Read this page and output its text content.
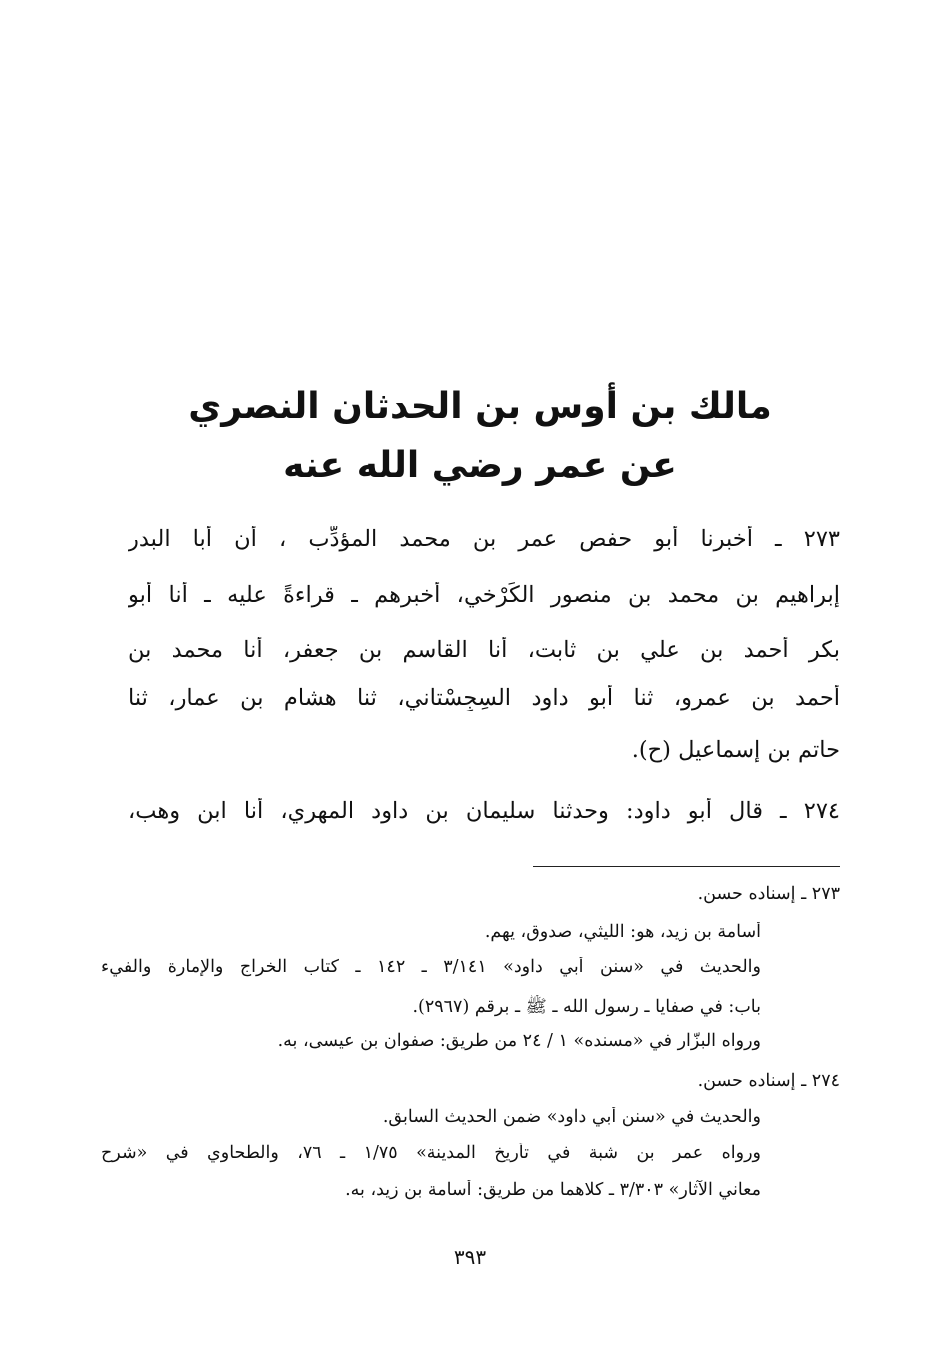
مالك بن أوس بن الحدثان النصري
عن عمر رضي الله عنه
٢٧٣ ـ أخبرنا أبو حفص عمر بن محمد المؤدِّب ، أن أبا البدر
إبراهيم بن محمد بن منصور الكَرْخي، أخبرهم ـ قراءةً عليه ـ أنا أبو
بكر أحمد بن علي بن ثابت، أنا القاسم بن جعفر، أنا محمد بن
أحمد بن عمرو، ثنا أبو داود السِجِسْتاني، ثنا هشام بن عمار، ثنا
حاتم بن إسماعيل (ح).
٢٧٤ ـ قال أبو داود: وحدثنا سليمان بن داود المهري، أنا ابن وهب،
٢٧٣ ـ إسناده حسن.
أسامة بن زيد، هو: الليثي، صدوق، يهم.
والحديث في «سنن أبي داود» ٣/١٤١ ـ ١٤٢ ـ كتاب الخراج والإمارة والفيء
باب: في صفايا ـ رسول الله ـ ﷺ ـ برقم (٢٩٦٧).
ورواه البزّار في «مسنده» ١ / ٢٤ من طريق: صفوان بن عيسى، به.
٢٧٤ ـ إسناده حسن.
والحديث في «سنن أبي داود» ضمن الحديث السابق.
ورواه عمر بن شبة في تأريخ المدينة» ١/٧٥ ـ ٧٦، والطحاوي في «شرح
معاني الآثار» ٣/٣٠٣ ـ كلاهما من طريق: أسامة بن زيد، به.
٣٩٣
